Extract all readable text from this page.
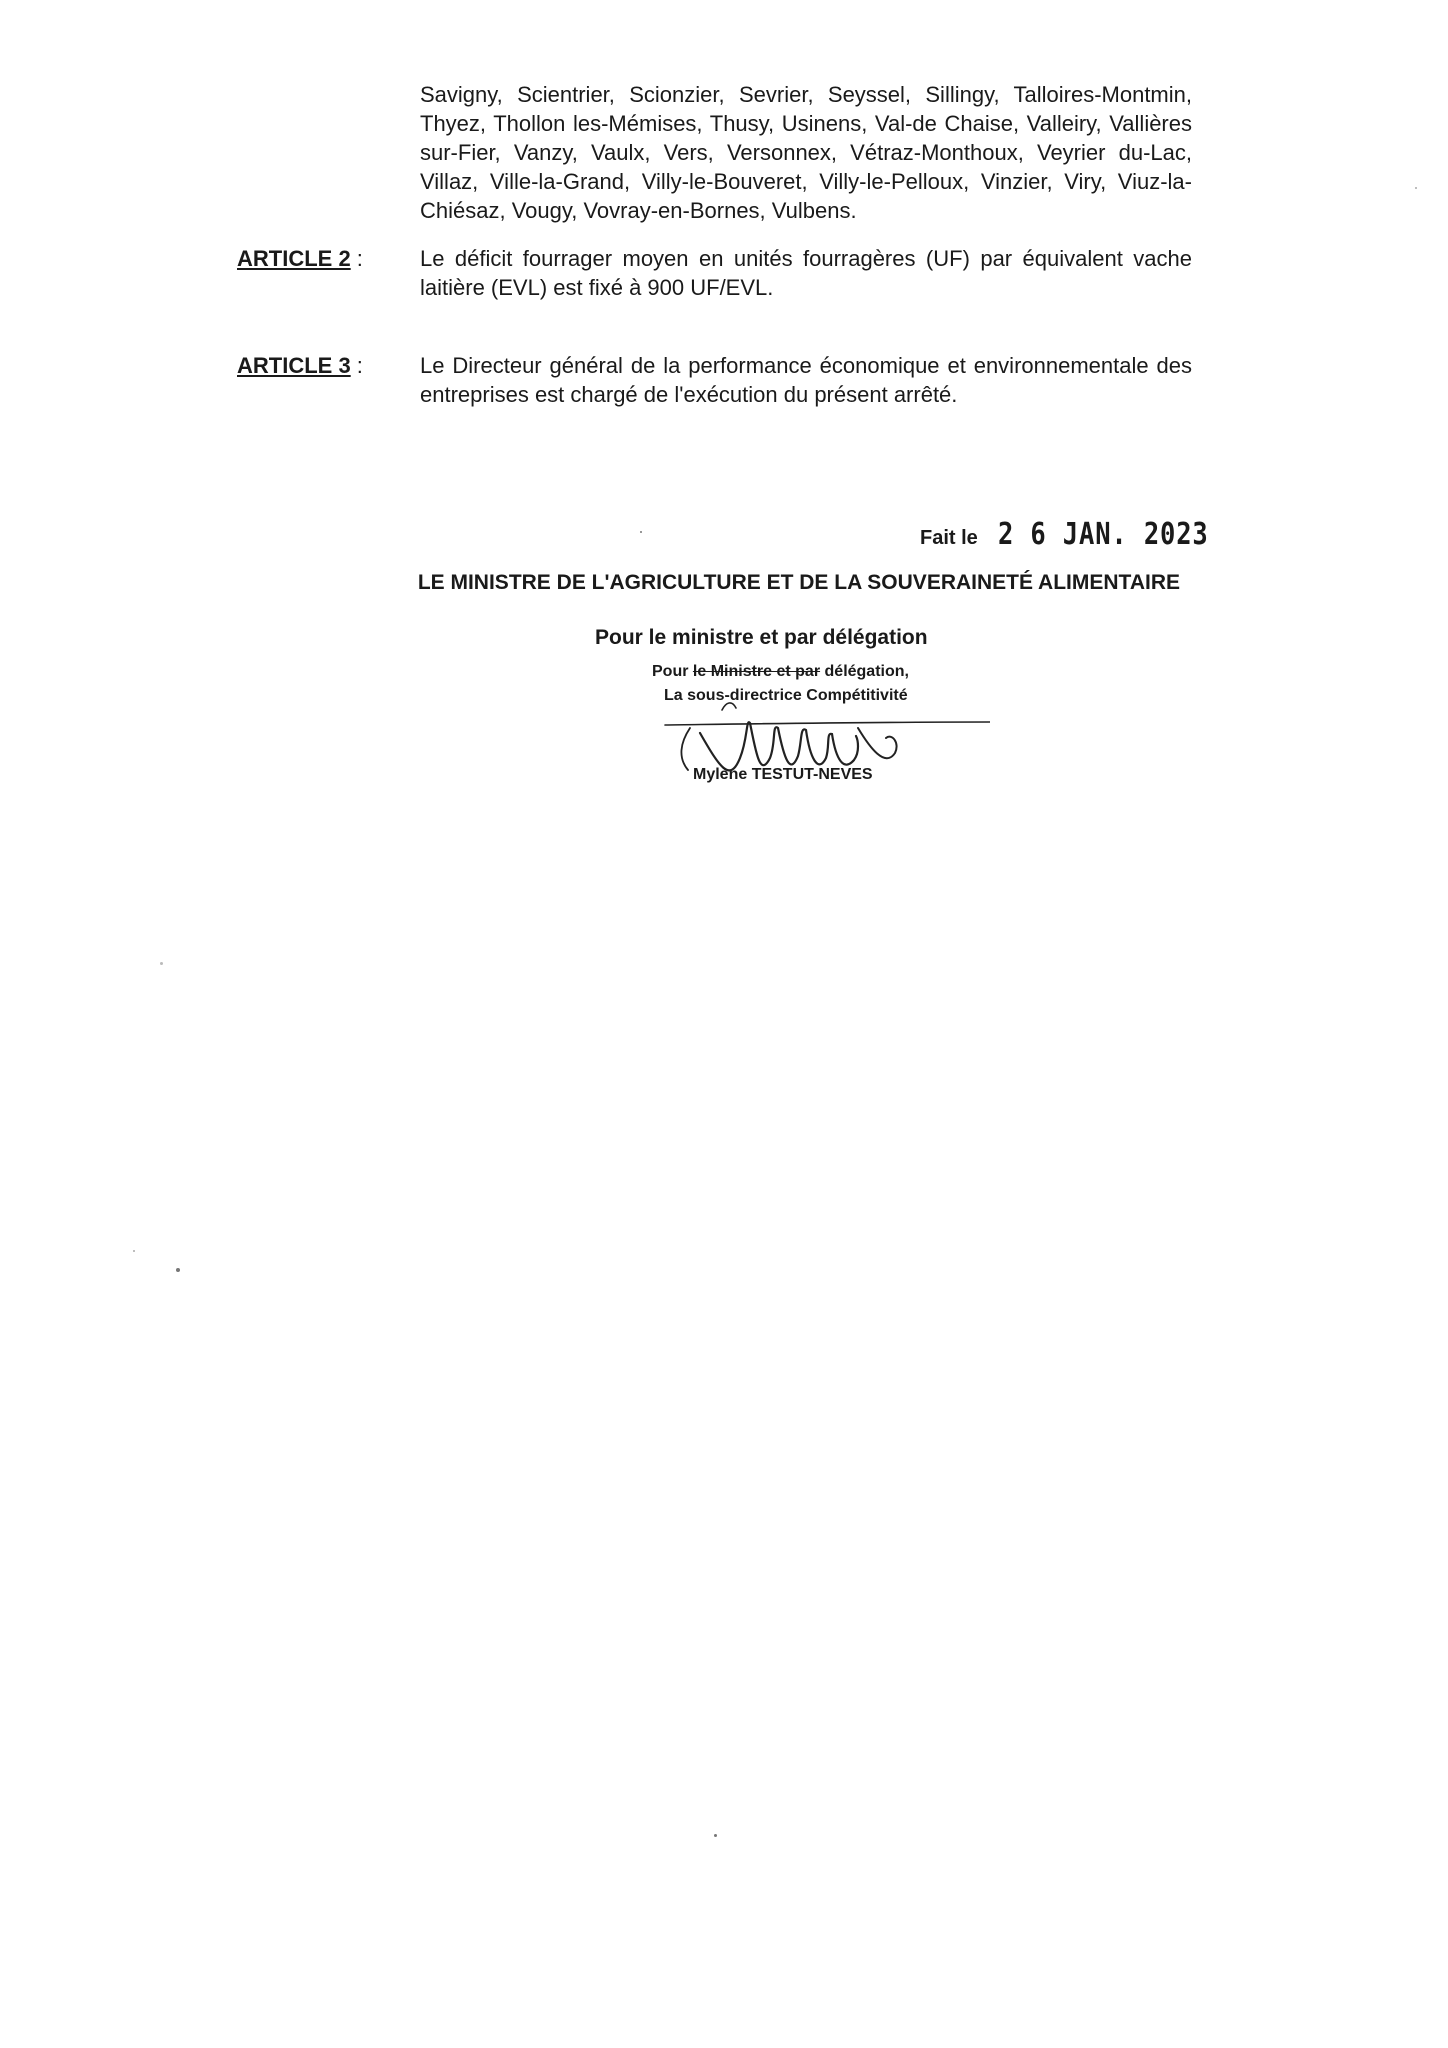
Savigny, Scientrier, Scionzier, Sevrier, Seyssel, Sillingy, Talloires-Montmin, Thyez, Thollon les-Mémises, Thusy, Usinens, Val-de Chaise, Valleiry, Vallières sur-Fier, Vanzy, Vaulx, Vers, Versonnex, Vétraz-Monthoux, Veyrier du-Lac, Villaz, Ville-la-Grand, Villy-le-Bouveret, Villy-le-Pelloux, Vinzier, Viry, Viuz-la-Chiésaz, Vougy, Vovray-en-Bornes, Vulbens.

ARTICLE 2 :	Le déficit fourrager moyen en unités fourragères (UF) par équivalent vache laitière (EVL) est fixé à 900 UF/EVL.

ARTICLE 3 :	Le Directeur général de la performance économique et environnementale des entreprises est chargé de l'exécution du présent arrêté.

Fait le 2 6 JAN. 2023
LE MINISTRE DE L'AGRICULTURE ET DE LA SOUVERAINETÉ ALIMENTAIRE
Pour le ministre et par délégation
Pour le Ministre et par délégation,
La sous-directrice Compétitivité
Mylène TESTUT-NEVES
